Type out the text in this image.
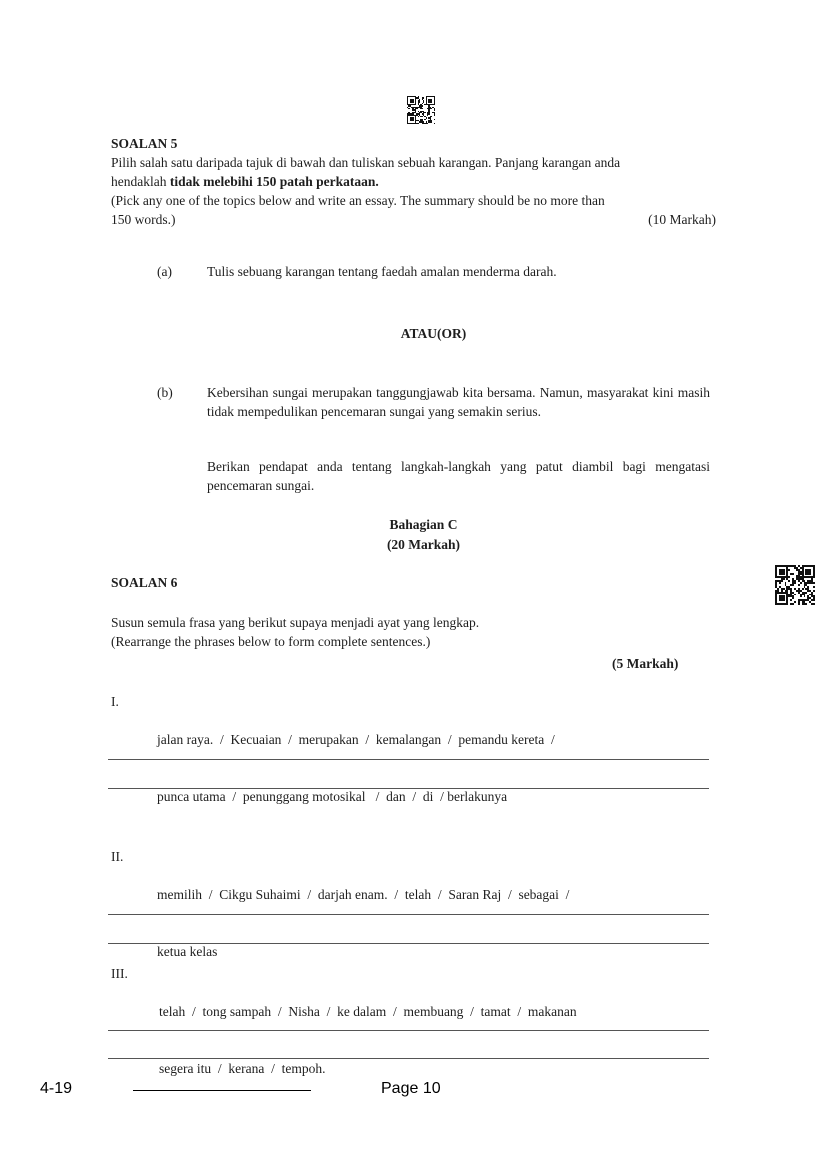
SOALAN 5
Pilih salah satu daripada tajuk di bawah dan tuliskan sebuah karangan. Panjang karangan anda
hendaklah tidak melebihi 150 patah perkataan.
(Pick any one of the topics below and write an essay. The summary should be no more than
150 words.)	(10 Markah)
(a)	Tulis sebuang karangan tentang faedah amalan menderma darah.
ATAU(OR)
(b)	Kebersihan sungai merupakan tanggungjawab kita bersama. Namun, masyarakat kini masih tidak mempedulikan pencemaran sungai yang semakin serius.
Berikan pendapat anda tentang langkah-langkah yang patut diambil bagi mengatasi pencemaran sungai.
Bahagian C
(20 Markah)
SOALAN 6
Susun semula frasa yang berikut supaya menjadi ayat yang lengkap.
(Rearrange the phrases below to form complete sentences.)
(5 Markah)
I.

jalan raya.  /  Kecuaian  /  merupakan  /  kemalangan  /  pemandu kereta  /

punca utama  /  penunggang motosikal   /  dan  /  di  / berlakunya

II.

memilih  /  Cikgu Suhaimi  /  darjah enam.  /  telah  /  Saran Raj  /  sebagai  /

ketua kelas

III.

telah  /  tong sampah  /  Nisha  /  ke dalam  /  membuang  /  tamat  /  makanan

segera itu  /  kerana  /  tempoh.

4-19	Page 10
